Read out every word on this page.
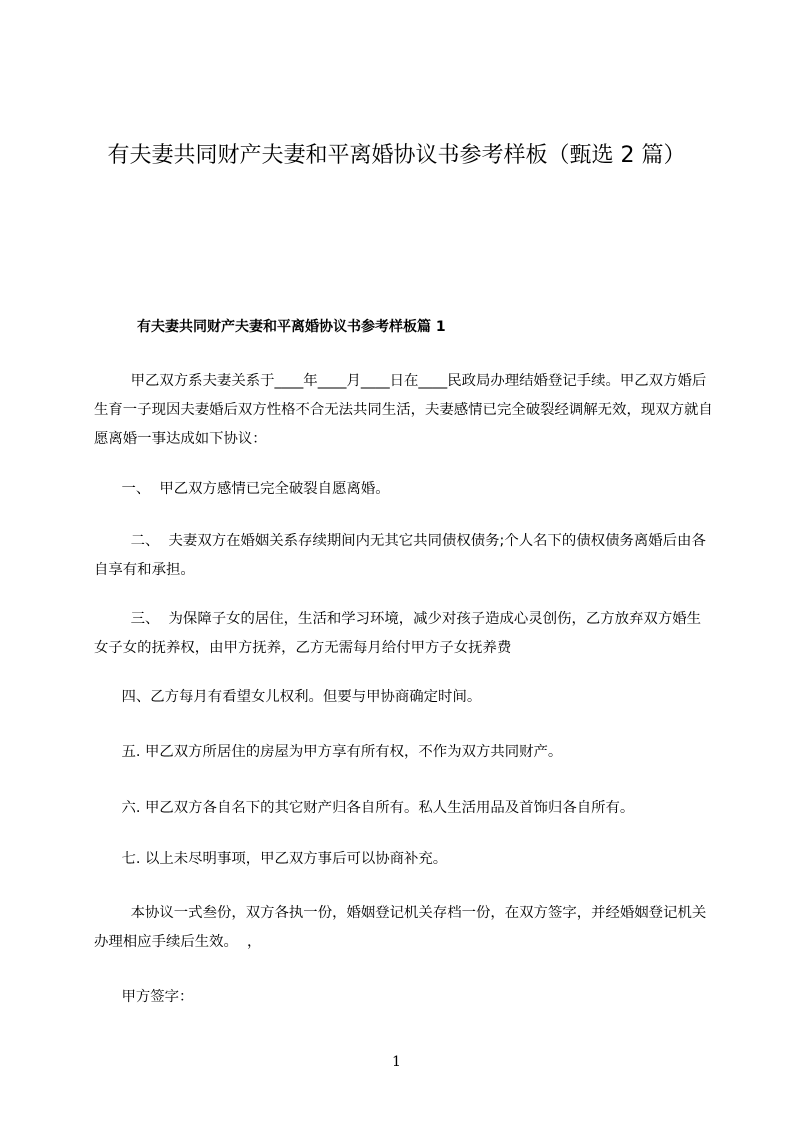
有夫妻共同财产夫妻和平离婚协议书参考样板（甄选 2 篇）

有夫妻共同财产夫妻和平离婚协议书参考样板篇 1

甲乙双方系夫妻关系于____年____月____日在____民政局办理结婚登记手续。甲乙双方婚后生育一子现因夫妻婚后双方性格不合无法共同生活，夫妻感情已完全破裂经调解无效，现双方就自愿离婚一事达成如下协议：

一、  甲乙双方感情已完全破裂自愿离婚。

二、  夫妻双方在婚姻关系存续期间内无其它共同债权债务;个人名下的债权债务离婚后由各自享有和承担。

三、  为保障子女的居住，生活和学习环境，减少对孩子造成心灵创伤，乙方放弃双方婚生女子女的抚养权，由甲方抚养，乙方无需每月给付甲方子女抚养费

四、乙方每月有看望女儿权利。但要与甲协商确定时间。

五. 甲乙双方所居住的房屋为甲方享有所有权，不作为双方共同财产。

六. 甲乙双方各自名下的其它财产归各自所有。私人生活用品及首饰归各自所有。

七. 以上未尽明事项，甲乙双方事后可以协商补充。

本协议一式叁份，双方各执一份，婚姻登记机关存档一份，在双方签字，并经婚姻登记机关办理相应手续后生效。  ，

甲方签字：

1
